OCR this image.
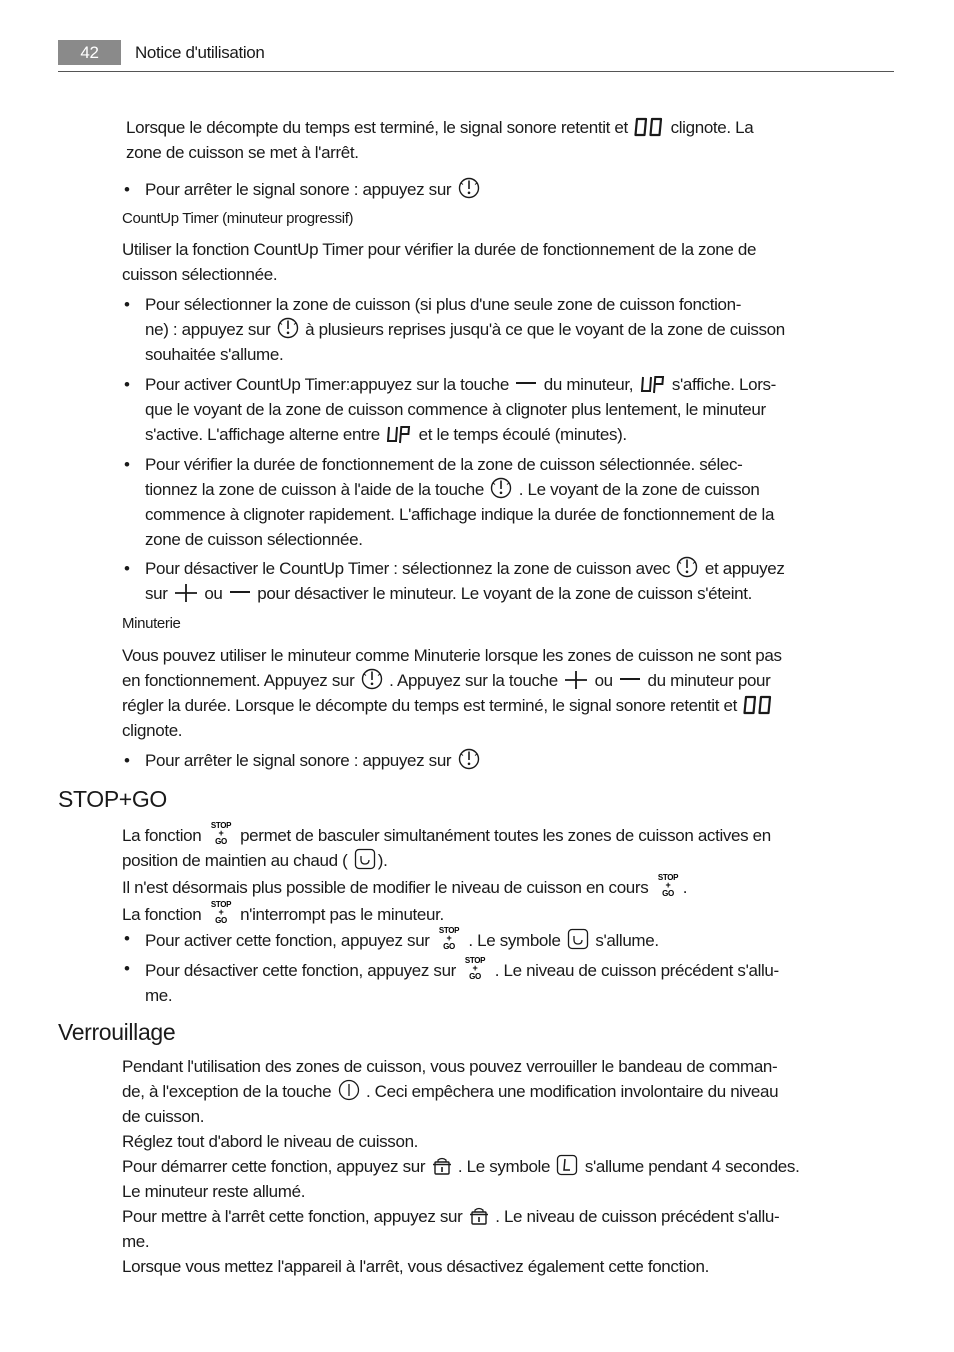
42	Notice d'utilisation
Lorsque le décompte du temps est terminé, le signal sonore retentit et	clignote. La
zone de cuisson se met à l'arrêt.
• Pour arrêter le signal sonore : appuyez sur
CountUp Timer (minuteur progressif)
Utiliser la fonction CountUp Timer pour vérifier la durée de fonctionnement de la zone de
cuisson sélectionnée.
• Pour sélectionner la zone de cuisson (si plus d'une seule zone de cuisson fonction-
ne) : appuyez sur à plusieurs reprises jusqu'à ce que le voyant de la zone de cuisson
souhaitée s'allume.
• Pour activer CountUp Timer:appuyez sur la touche du minuteur, s'affiche. Lors-
que le voyant de la zone de cuisson commence à clignoter plus lentement, le minuteur
s'active. L'affichage alterne entre et le temps écoulé (minutes).
• Pour vérifier la durée de fonctionnement de la zone de cuisson sélectionnée. sélec-
tionnez la zone de cuisson à l'aide de la touche . Le voyant de la zone de cuisson
commence à clignoter rapidement. L'affichage indique la durée de fonctionnement de la
zone de cuisson sélectionnée.
• Pour désactiver le CountUp Timer : sélectionnez la zone de cuisson avec et appuyez
sur ou pour désactiver le minuteur. Le voyant de la zone de cuisson s'éteint.
Minuterie
Vous pouvez utiliser le minuteur comme Minuterie lorsque les zones de cuisson ne sont pas
en fonctionnement. Appuyez sur . Appuyez sur la touche ou du minuteur pour
régler la durée. Lorsque le décompte du temps est terminé, le signal sonore retentit et

clignote.
• Pour arrêter le signal sonore : appuyez sur
STOP+GO
La fonction
STOP
+
GO permet de basculer simultanément toutes les zones de cuisson actives en
position de maintien au chaud ( ).
Il n'est désormais plus possible de modifier le niveau de cuisson en cours
STOP
+
GO .
La fonction
STOP
+
GO n'interrompt pas le minuteur.
• Pour activer cette fonction, appuyez sur
STOP
+
GO . Le symbole s'allume.
• Pour désactiver cette fonction, appuyez sur
STOP
+
GO . Le niveau de cuisson précédent s'allu-
me.
Verrouillage
Pendant l'utilisation des zones de cuisson, vous pouvez verrouiller le bandeau de comman-
de, à l'exception de la touche . Ceci empêchera une modification involontaire du niveau
de cuisson.
Réglez tout d'abord le niveau de cuisson.
Pour démarrer cette fonction, appuyez sur . Le symbole s'allume pendant 4 secondes.
Le minuteur reste allumé.
Pour mettre à l'arrêt cette fonction, appuyez sur . Le niveau de cuisson précédent s'allu-
me.
Lorsque vous mettez l'appareil à l'arrêt, vous désactivez également cette fonction.
